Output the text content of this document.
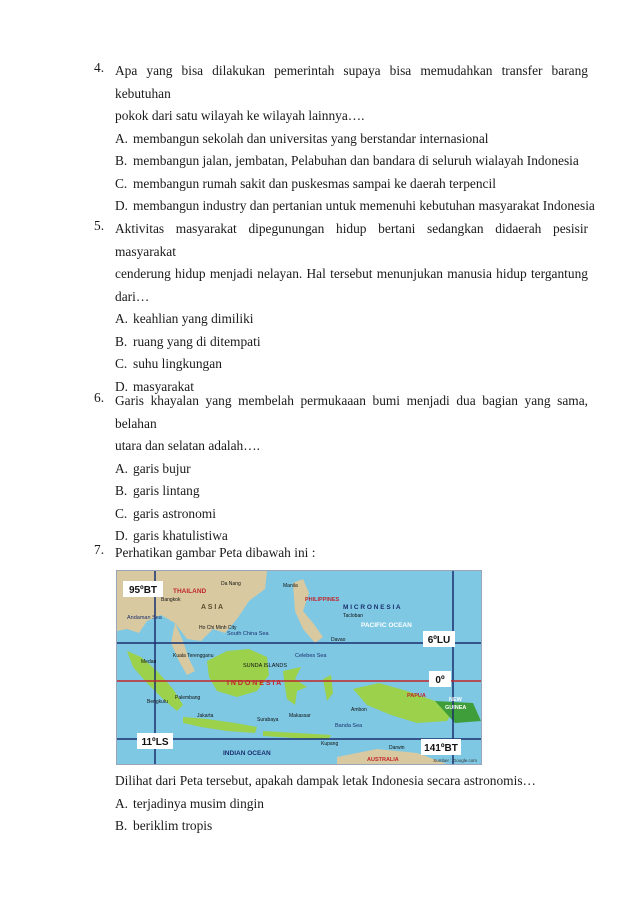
4. Apa yang bisa dilakukan pemerintah supaya bisa memudahkan transfer barang kebutuhan
pokok dari satu wilayah ke wilayah lainnya….
A. membangun sekolah dan universitas yang berstandar internasional
B. membangun jalan, jembatan, Pelabuhan dan bandara di seluruh wialayah Indonesia
C. membangun rumah sakit dan puskesmas sampai ke daerah terpencil
D. membangun industry dan pertanian untuk memenuhi kebutuhan masyarakat Indonesia
5. Aktivitas masyarakat dipegunungan hidup bertani sedangkan didaerah pesisir masyarakat
cenderung hidup menjadi nelayan. Hal tersebut menunjukan manusia hidup tergantung
dari…
A. keahlian yang dimiliki
B. ruang yang di ditempati
C. suhu lingkungan
D. masyarakat
6. Garis khayalan yang membelah permukaaan bumi menjadi dua bagian yang sama, belahan
utara dan selatan adalah….
A. garis bujur
B. garis lintang
C. garis astronomi
D. garis khatulistiwa
7. Perhatikan gambar Peta dibawah ini :
95ºBT
6ºLU
0º
11ºLS
141ºBT
THAILAND
A S I A
I N D O N E S I A
M I C R O N E S I A
PACIFIC OCEAN
INDIAN OCEAN
South China Sea
PHILIPPINES
GUINEA
NEW
AUSTRALIA
SUNDA ISLANDS
Celebes Sea
Banda Sea
Andaman Sea
PAPUA
Bangkok
Da Nang	Manila
Ho Chi Minh City
Tacloban
Medan
Kuala Terengganu
Palembang
Jakarta	Makassar
Ambon
Darwin
Bengkulu
Surabaya
Kupang
Davao
Sumber : Google.com
Dilihat dari Peta tersebut, apakah dampak letak Indonesia secara astronomis…
A. terjadinya musim dingin
B. beriklim tropis
